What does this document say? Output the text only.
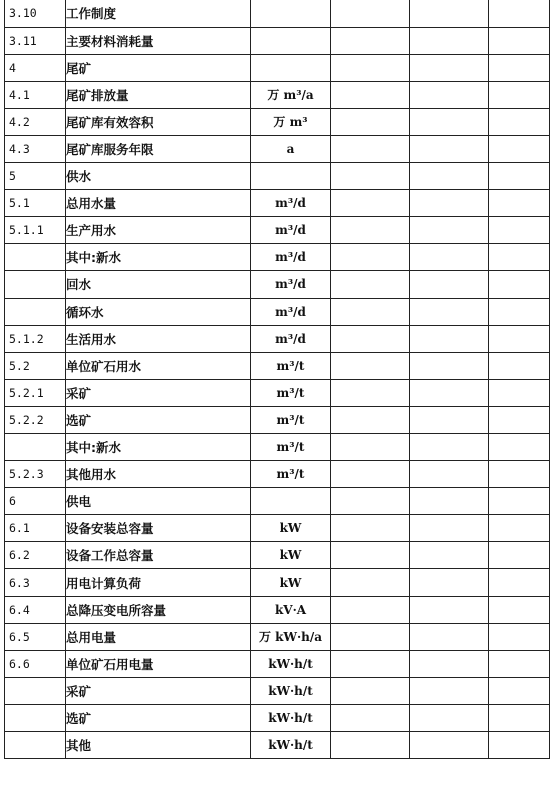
3.10	工作制度				
3.11	主要材料消耗量				
4	尾矿				
4.1	尾矿排放量	万 m³/a			
4.2	尾矿库有效容积	万 m³			
4.3	尾矿库服务年限	a			
5	供水				
5.1	总用水量	m³/d			
5.1.1	生产用水	m³/d			
	其中:新水	m³/d			
	回水	m³/d			
	循环水	m³/d			
5.1.2	生活用水	m³/d			
5.2	单位矿石用水	m³/t			
5.2.1	采矿	m³/t			
5.2.2	选矿	m³/t			
	其中:新水	m³/t			
5.2.3	其他用水	m³/t			
6	供电				
6.1	设备安装总容量	kW			
6.2	设备工作总容量	kW			
6.3	用电计算负荷	kW			
6.4	总降压变电所容量	kV·A			
6.5	总用电量	万 kW·h/a			
6.6	单位矿石用电量	kW·h/t			
	采矿	kW·h/t			
	选矿	kW·h/t			
	其他	kW·h/t			
